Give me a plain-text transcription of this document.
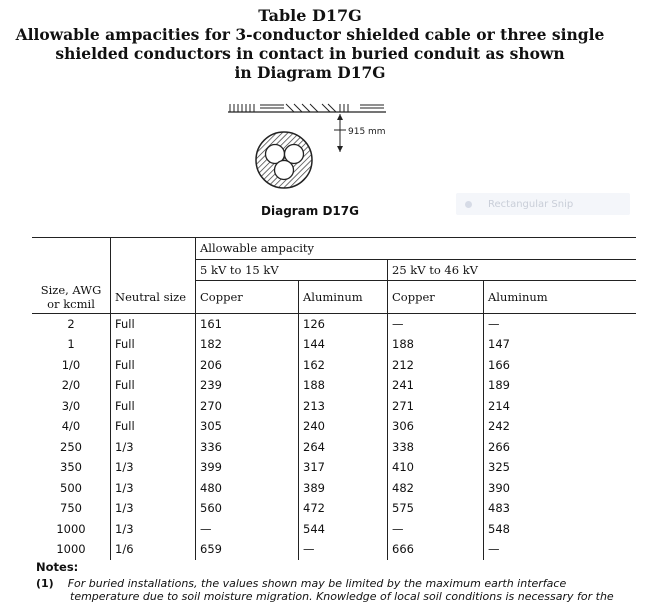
Table D17G
Allowable ampacities for 3-conductor shielded cable or three single
shielded conductors in contact in buried conduit as shown
in Diagram D17G
915 mm
Diagram D17G	Rectangular Snip
		Allowable ampacity			
		5 kV to 15 kV		25 kV to 46 kV	

Size, AWG
or kcmil	Neutral size	Copper	Aluminum	Copper	Aluminum
2	Full	161	126	—	—
1	Full	182	144	188	147
1/0	Full	206	162	212	166
2/0	Full	239	188	241	189
3/0	Full	270	213	271	214
4/0	Full	305	240	306	242
250	1/3	336	264	338	266
350	1/3	399	317	410	325
500	1/3	480	389	482	390
750	1/3	560	472	575	483
1000	1/3	—	544	—	548
1000	1/6	659	—	666	—
Notes:
(1) For buried installations, the values shown may be limited by the maximum earth interface
temperature due to soil moisture migration. Knowledge of local soil conditions is necessary for the
